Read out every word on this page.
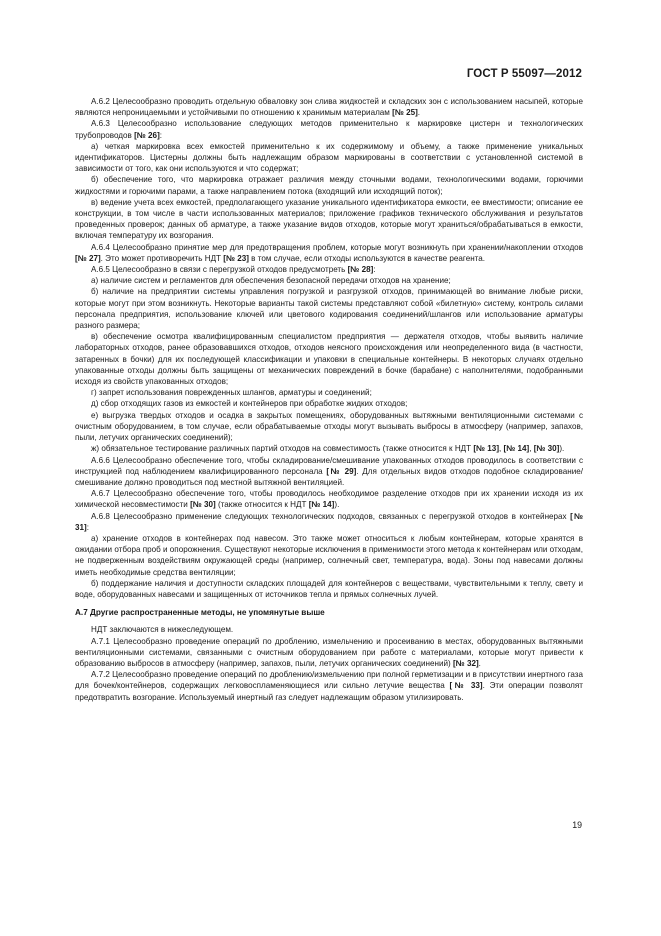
ГОСТ Р 55097—2012

А.6.2 Целесообразно проводить отдельную обваловку зон слива жидкостей и складских зон с использованием насыпей, которые являются непроницаемыми и устойчивыми по отношению к хранимым материалам [№ 25].

А.6.3 Целесообразно использование следующих методов применительно к маркировке цистерн и технологических трубопроводов [№ 26]:

а) четкая маркировка всех емкостей применительно к их содержимому и объему, а также применение уникальных идентификаторов. Цистерны должны быть надлежащим образом маркированы в соответствии с установленной системой в зависимости от того, как они используются и что содержат;

б) обеспечение того, что маркировка отражает различия между сточными водами, технологическими водами, горючими жидкостями и горючими парами, а также направлением потока (входящий или исходящий поток);

в) ведение учета всех емкостей, предполагающего указание уникального идентификатора емкости, ее вместимости; описание ее конструкции, в том числе в части использованных материалов; приложение графиков технического обслуживания и результатов проведенных проверок; данных об арматуре, а также указание видов отходов, которые могут храниться/обрабатываться в емкости, включая температуру их возгорания.

А.6.4 Целесообразно принятие мер для предотвращения проблем, которые могут возникнуть при хранении/накоплении отходов [№ 27]. Это может противоречить НДТ [№ 23] в том случае, если отходы используются в качестве реагента.

А.6.5 Целесообразно в связи с перегрузкой отходов предусмотреть [№ 28]:

а) наличие систем и регламентов для обеспечения безопасной передачи отходов на хранение;

б) наличие на предприятии системы управления погрузкой и разгрузкой отходов, принимающей во внимание любые риски, которые могут при этом возникнуть. Некоторые варианты такой системы представляют собой «билетную» систему, контроль силами персонала предприятия, использование ключей или цветового кодирования соединений/шлангов или использование арматуры разного размера;

в) обеспечение осмотра квалифицированным специалистом предприятия — держателя отходов, чтобы выявить наличие лабораторных отходов, ранее образовавшихся отходов, отходов неясного происхождения или неопределенного вида (в частности, затаренных в бочки) для их последующей классификации и упаковки в специальные контейнеры. В некоторых случаях отдельно упакованные отходы должны быть защищены от механических повреждений в бочке (барабане) с наполнителями, подобранными исходя из свойств упакованных отходов;

г) запрет использования поврежденных шлангов, арматуры и соединений;

д) сбор отходящих газов из емкостей и контейнеров при обработке жидких отходов;

е) выгрузка твердых отходов и осадка в закрытых помещениях, оборудованных вытяжными вентиляционными системами с очистным оборудованием, в том случае, если обрабатываемые отходы могут вызывать выбросы в атмосферу (например, запахов, пыли, летучих органических соединений);

ж) обязательное тестирование различных партий отходов на совместимость (также относится к НДТ [№ 13], [№ 14], [№ 30]).

А.6.6 Целесообразно обеспечение того, чтобы складирование/смешивание упакованных отходов проводилось в соответствии с инструкцией под наблюдением квалифицированного персонала [№ 29]. Для отдельных видов отходов подобное складирование/смешивание должно проводиться под местной вытяжной вентиляцией.

А.6.7 Целесообразно обеспечение того, чтобы проводилось необходимое разделение отходов при их хранении исходя из их химической несовместимости [№ 30] (также относится к НДТ [№ 14]).

А.6.8 Целесообразно применение следующих технологических подходов, связанных с перегрузкой отходов в контейнерах [№ 31]:

а) хранение отходов в контейнерах под навесом. Это также может относиться к любым контейнерам, которые хранятся в ожидании отбора проб и опорожнения. Существуют некоторые исключения в применимости этого метода к контейнерам или отходам, не подверженным воздействиям окружающей среды (например, солнечный свет, температура, вода). Зоны под навесами должны иметь необходимые средства вентиляции;

б) поддержание наличия и доступности складских площадей для контейнеров с веществами, чувствительными к теплу, свету и воде, оборудованных навесами и защищенных от источников тепла и прямых солнечных лучей.

А.7 Другие распространенные методы, не упомянутые выше

НДТ заключаются в нижеследующем.

А.7.1 Целесообразно проведение операций по дроблению, измельчению и просеиванию в местах, оборудованных вытяжными вентиляционными системами, связанными с очистным оборудованием при работе с материалами, которые могут привести к образованию выбросов в атмосферу (например, запахов, пыли, летучих органических соединений) [№ 32].

А.7.2 Целесообразно проведение операций по дроблению/измельчению при полной герметизации и в присутствии инертного газа для бочек/контейнеров, содержащих легковоспламеняющиеся или сильно летучие вещества [№ 33]. Эти операции позволят предотвратить возгорание. Используемый инертный газ следует надлежащим образом утилизировать.

19
